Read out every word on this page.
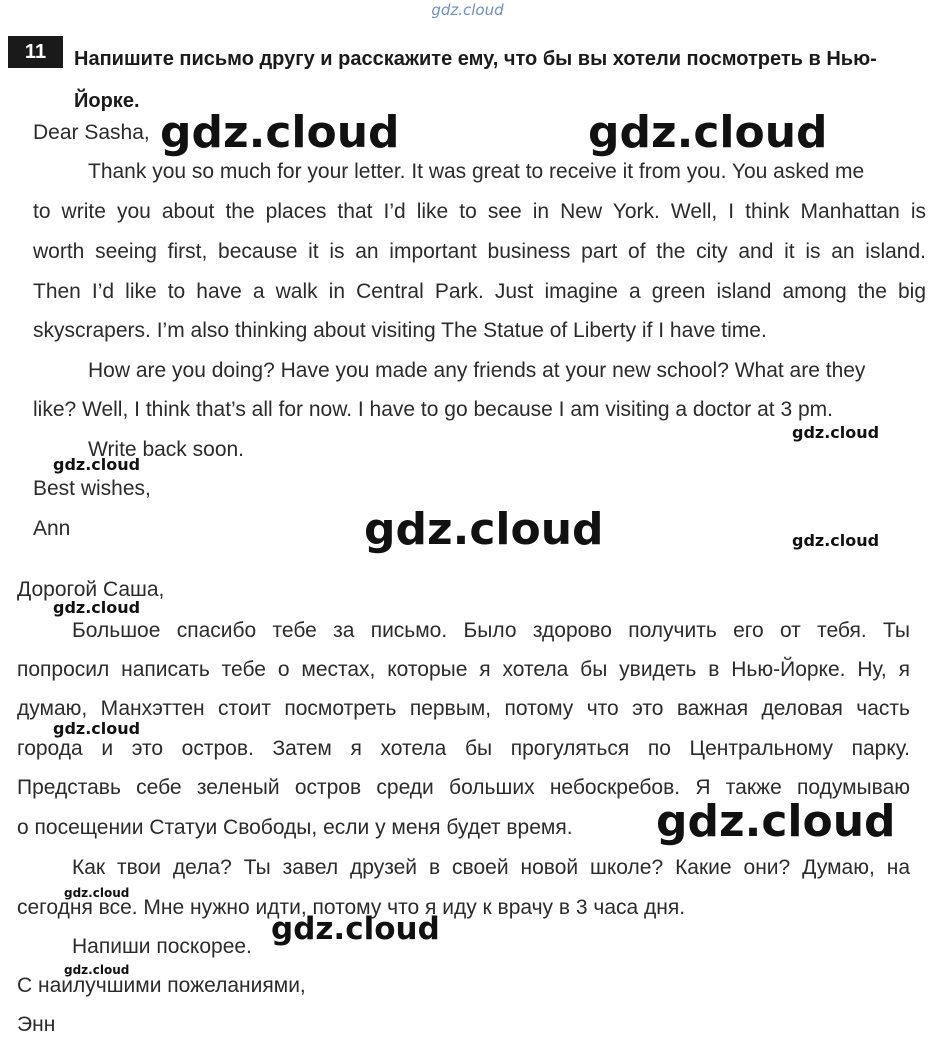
gdz.cloud
11	Напишите письмо другу и расскажите ему, что бы вы хотели посмотреть в Нью-Йорке.
Dear Sasha,
Thank you so much for your letter. It was great to receive it from you. You asked me
to write you about the places that I’d like to see in New York. Well, I think Manhattan is
worth seeing first, because it is an important business part of the city and it is an island.
Then I’d like to have a walk in Central Park. Just imagine a green island among the big
skyscrapers. I’m also thinking about visiting The Statue of Liberty if I have time.
How are you doing? Have you made any friends at your new school? What are they
like? Well, I think that’s all for now. I have to go because I am visiting a doctor at 3 pm.
Write back soon.
Best wishes,
Ann
Дорогой Саша,
Большое спасибо тебе за письмо. Было здорово получить его от тебя. Ты
попросил написать тебе о местах, которые я хотела бы увидеть в Нью-Йорке. Ну, я
думаю, Манхэттен стоит посмотреть первым, потому что это важная деловая часть
города и это остров. Затем я хотела бы прогуляться по Центральному парку.
Представь себе зеленый остров среди больших небоскребов. Я также подумываю
о посещении Статуи Свободы, если у меня будет время.
Как твои дела? Ты завел друзей в своей новой школе? Какие они? Думаю, на
сегодня все. Мне нужно идти, потому что я иду к врачу в 3 часа дня.
Напиши поскорее.
С наилучшими пожеланиями,
Энн
gdz.cloud	gdz.cloud
gdz.cloud
gdz.cloud
gdz.cloud	gdz.cloud
gdz.cloud
gdz.cloud
gdz.cloud
gdz.cloud
gdz.cloud
gdz.cloud
